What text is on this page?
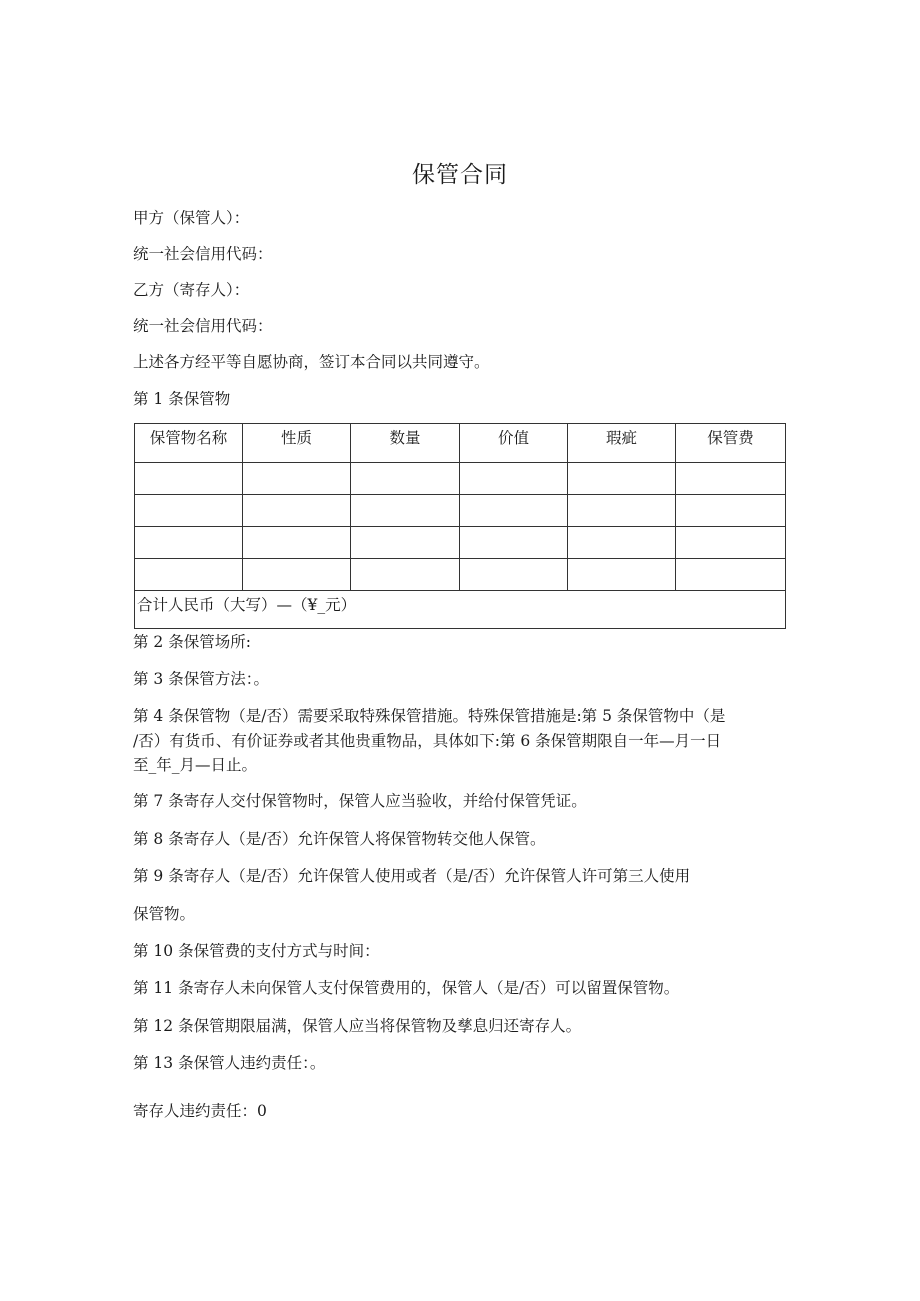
保管合同
甲方（保管人）：
统一社会信用代码：
乙方（寄存人）：
统一社会信用代码：
上述各方经平等自愿协商，签订本合同以共同遵守。
第 1 条保管物
保管物名称	性质	数量	价值	瑕疵	保管费

合计人民币（大写）—（¥_元）					
第 2 条保管场所:
第 3 条保管方法：。
第 4 条保管物（是/否）需要采取特殊保管措施。特殊保管措施是:第 5 条保管物中（是
/否）有货币、有价证券或者其他贵重物品，具体如下:第 6 条保管期限自一年—月一日
至_年_月—日止。
第 7 条寄存人交付保管物时，保管人应当验收，并给付保管凭证。
第 8 条寄存人（是/否）允许保管人将保管物转交他人保管。
第 9 条寄存人（是/否）允许保管人使用或者（是/否）允许保管人许可第三人使用
保管物。
第 10 条保管费的支付方式与时间：
第 11 条寄存人未向保管人支付保管费用的，保管人（是/否）可以留置保管物。
第 12 条保管期限届满，保管人应当将保管物及孳息归还寄存人。
第 13 条保管人违约责任：。
寄存人违约责任：0
